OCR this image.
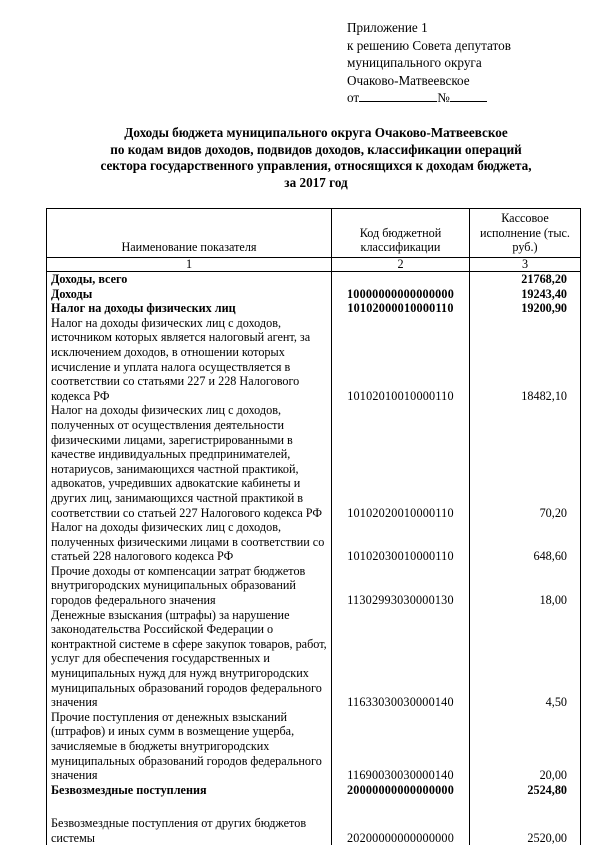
Приложение 1
к решению Совета депутатов
муниципального округа
Очаково-Матвеевское
от	№
Доходы бюджета муниципального округа Очаково-Матвеевское
по кодам видов доходов, подвидов доходов, классификации операций
сектора государственного управления, относящихся к доходам бюджета,
за 2017 год
Наименование показателя	Код бюджетной классификации	Кассовое исполнение (тыс. руб.)
1	2	3
Доходы, всего		21768,20
Доходы	10000000000000000	19243,40
Налог на доходы физических лиц	10102000010000110	19200,90
Налог на доходы физических лиц с доходов, источником которых является налоговый агент, за исключением доходов, в отношении которых исчисление и уплата налога осуществляется в соответствии со статьями 227 и 228 Налогового кодекса РФ	10102010010000110	18482,10
Налог на доходы физических лиц с доходов, полученных от осуществления деятельности физическими лицами, зарегистрированными в качестве индивидуальных предпринимателей, нотариусов, занимающихся частной практикой, адвокатов, учредивших адвокатские кабинеты и других лиц, занимающихся частной практикой в соответствии со статьей 227 Налогового кодекса РФ	10102020010000110	70,20
Налог на доходы физических лиц с доходов, полученных физическими лицами в соответствии со статьей 228 налогового кодекса РФ	10102030010000110	648,60
Прочие доходы от компенсации затрат бюджетов внутригородских муниципальных образований городов федерального значения	11302993030000130	18,00
Денежные взыскания (штрафы) за нарушение законодательства Российской Федерации о контрактной системе в сфере закупок товаров, работ, услуг для обеспечения государственных и муниципальных нужд для нужд внутригородских муниципальных образований городов федерального значения	11633030030000140	4,50
Прочие поступления от денежных взысканий (штрафов) и иных сумм в возмещение ущерба, зачисляемые в бюджеты внутригородских муниципальных образований городов федерального значения	11690030030000140	20,00
Безвозмездные поступления	20000000000000000	2524,80
Безвозмездные поступления от других бюджетов системы	20200000000000000	2520,00
